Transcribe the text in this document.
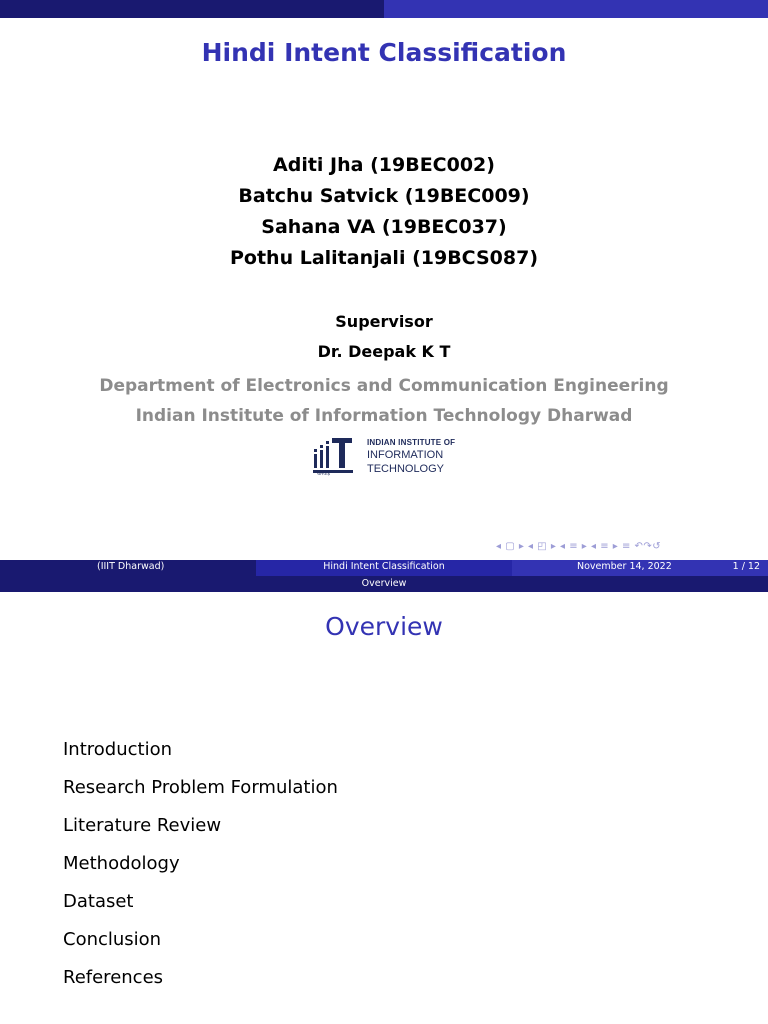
Hindi Intent Classification
Aditi Jha (19BEC002)
Batchu Satvick (19BEC009)
Sahana VA (19BEC037)
Pothu Lalitanjali (19BCS087)
Supervisor
Dr. Deepak K T
Department of Electronics and Communication Engineering
Indian Institute of Information Technology Dharwad
INDIAN INSTITUTE OF
INFORMATION
TECHNOLOGY
धारवाड़
◂ ▢ ▸ ◂ ◰ ▸ ◂ ≡ ▸ ◂ ≡ ▸ ≡ ↶↷↺
(IIIT Dharwad)	Hindi Intent Classification	November 14, 2022	1 / 12
Overview
Overview
Introduction
Research Problem Formulation
Literature Review
Methodology
Dataset
Conclusion
References
